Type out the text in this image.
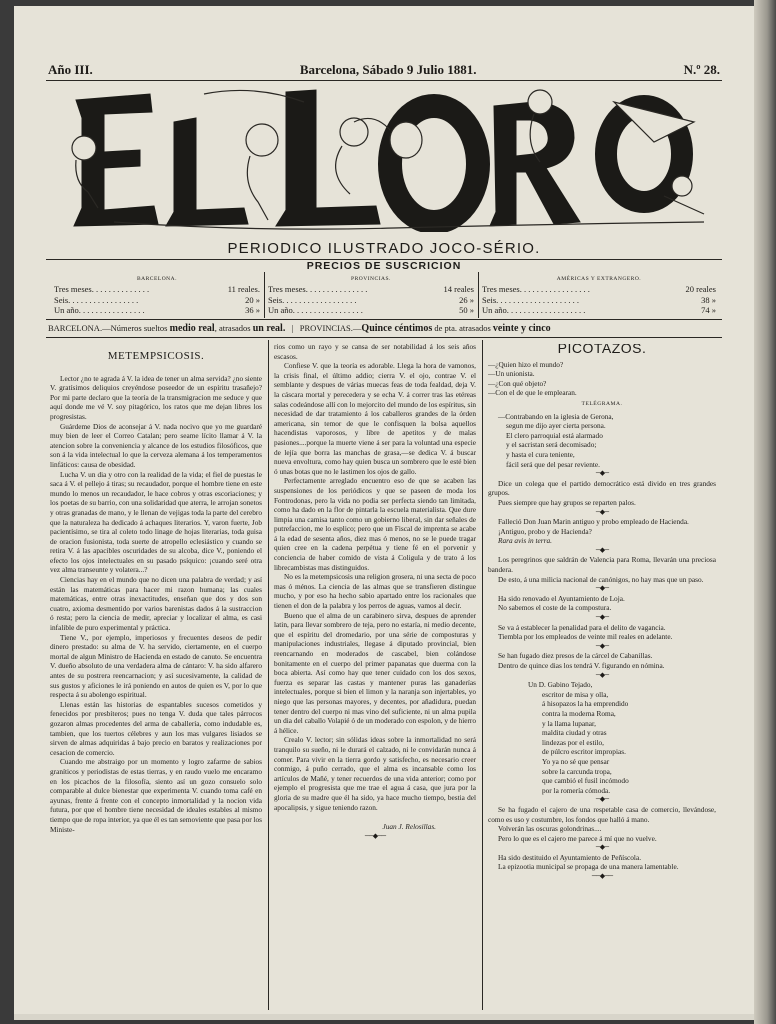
Año III.	Barcelona, Sábado 9 Julio 1881.	N.º 28.
PERIODICO ILUSTRADO JOCO-SÉRIO.
PRECIOS DE SUSCRICION
BARCELONA.
Tres meses. . . . . . . . . . . . . .	11 reales.
Seis. . . . . . . . . . . . . . . . .	20 »
Un año. . . . . . . . . . . . . . . .	36 »
PROVINCIAS.
Tres meses. . . . . . . . . . . . . . .	14 reales
Seis. . . . . . . . . . . . . . . . . .	26 »
Un año. . . . . . . . . . . . . . . . .	50 »
AMÉRICAS Y EXTRANGERO.
Tres meses. . . . . . . . . . . . . . . . .	20 reales
Seis. . . . . . . . . . . . . . . . . . . .	38 »
Un año. . . . . . . . . . . . . . . . . . .	74 »
BARCELONA.—Números sueltos medio real, atrasados un real.   |   PROVINCIAS.—Quince céntimos de pta. atrasados veinte y cinco

METEMPSICOSIS.

Lector ¿no te agrada á V. la idea de tener un alma servida? ¿no siente V. gratísimos deliquios creyéndose poseedor de un espíritu trasañejo? Por mi parte declaro que la teoría de la transmigracion me seduce y que aquí donde me vé V. soy pitagórico, los ratos que me dejan libres los progresistas.

Guárdeme Dios de aconsejar á V. nada nocivo que yo me guardaré muy bien de leer el Correo Catalan; pero seame lícito llamar á V. la atencion sobre la conveniencia y alcance de los estudios filosóficos, que son á la vida intelectual lo que la cerveza alemana á los temperamentos linfáticos: causa de obesidad.

Lucha V. un dia y otro con la realidad de la vida; el fiel de puestas le saca á V. el pellejo á tiras; su recaudador, porque el hombre tiene en este mundo lo menos un recaudador, le hace cobros y otras escoriaciones; y los poetas de su barrio, con una solidaridad que aterra, le arrojan sonetos y otras granadas de mano, y le llenan de vejigas toda la parte del cerebro que la naturaleza ha dedicado á achaques literarios. Y, varon fuerte, Job pacientísimo, se tira al coleto todo linage de hojas literarias, toda guisa de oracion fusionista, toda suerte de atropello eclesiástico y cuando se retira V. á las apacibles oscuridades de su alcoba, dice V., poniendo el efecto los ojos intelectuales en su pasado psíquico: ¡cuando seré otra vez alma transeunte y volatera...?

Ciencias hay en el mundo que no dicen una palabra de verdad; y así están las matemáticas para hacer mi razon humana; las cuales matemáticas, entre otras inexactitudes, enseñan que dos y dos son cuatro, axioma desmentido por varios barenistas dados á la sustraccion ó resta; pero la ciencia de medir, apreciar y localizar el alma, es casi infalible de puro experimental y práctica.

Tiene V., por ejemplo, imperiosos y frecuentes deseos de pedir dinero prestado: su alma de V. ha servido, ciertamente, en el cuerpo mortal de algun Ministro de Hacienda en estado de canuto. Se encuentra V. dueño absoluto de una verdadera alma de cántaro: V. ha sido alfarero antes de su postrera reencarnacion; y así sucesivamente, la calidad de sus gustos y aficiones le irá poniendo en autos de quien es V, por lo que respecta á su abolengo espiritual.

Llenas están las historias de espantables sucesos cometidos y fenecidos por presbíteros; pues no tenga V. duda que tales párrocos gozaron almas procedentes del arma de caballería, como indudable es, tambien, que los tuertos célebres y aun los mas vulgares lisiados se sirven de almas adquiridas á bajo precio en baratos y realizaciones por cesacion de comercio.

Cuando me abstraigo por un momento y logro zafarme de sabios graníticos y periodistas de estas tierras, y en raudo vuelo me encaramo en los picachos de la filosofía, siento así un gozo consuelo solo comparable al dulce bienestar que experimenta V. cuando toma café en ayunas, frente á frente con el concepto inmortalidad y la nocion vida futura, por que el hombre tiene necesidad de ideales estables al mismo tiempo que de ropa interior, ya que él es tan semoviente que pasa por los Ministe-

rios como un rayo y se cansa de ser notabilidad á los seis años escasos.

Confiese V. que la teoría es adorable. Llega la hora de vamonos, la crisis final, el último addio; cierra V. el ojo, contrae V. el semblante y despues de várias muecas feas de toda fealdad, deja V. la cáscara mortal y perecedera y se echa V. á correr tras las etéreas salas codeándose allí con lo mejorcito del mundo de los espíritus, sin necesidad de dar tratamiento á los caballeros grandes de la órden americana, sin temor de que le confisquen la bolsa aquellos hacendistas vaporosos, y libre de apetitos y de malas pasiones....porque la muerte viene á ser para la voluntad una especie de lejía que borra las manchas de grasa,—se dedica V. á buscar nueva envoltura, como hay quien busca un sombrero que le esté bien ó unas botas que no le lastimen los ojos de gallo.

Perfectamente arreglado encuentro eso de que se acaben las suspensiones de los periódicos y que se paseen de moda los Fontrodonas, pero la vida no podia ser perfecta siendo tan limitada, como ha dado en la flor de pintarla la escuela materialista. Que dure limpia una camisa tanto como un gobierno liberal, sin dar señales de putrefaccion, me lo esplico; pero que un Fiscal de imprenta se acabe á la edad de sesenta años, diez mas ó menos, no se le puede tragar quien cree en la cadena perpétua y tiene fé en el porvenir y conciencia de haber comido de vista á Coligula y de trato á los librecambistas mas distinguidos.

No es la metempsicosis una religion grosera, ni una secta de poco mas ó ménos. La ciencia de las almas que se transfieren distingue mucho, y por eso ha hecho sabio apartado entre los racionales que tienen el don de la palabra y los perros de aguas, vamos al decir.

Bueno que el alma de un carabinero sirva, despues de aprender latin, para llevar sombrero de teja, pero no estaría, ni medio decente, que el espíritu del dromedario, por una série de composturas y manipulaciones industriales, llegase á diputado provincial, bien reencarnando en moderados de cascabel, bien colándose bonitamente en el cuerpo del primer papanatas que duerma con la boca abierta. Así como hay que tener cuidado con los dos sexos, fuerza es separar las castas y mantener puras las ganaderías intelectuales, porque si bien el limon y la naranja son injertables, yo niego que las personas mayores, y decentes, por añadidura, puedan tener dentro del cuerpo ni mas vino del suficiente, ni un alma pupila un dia del caballo Volapié ó de un moderado con espolon, y de hierro á hélice.

Crealo V. lector; sin sólidas ideas sobre la inmortalidad no será tranquilo su sueño, ni le durará el calzado, ni le convidarán nunca á comer. Para vivir en la tierra gordo y satisfecho, es necesario creer conmigo, á puño cerrado, que el alma es incansable como los artículos de Mañé, y tener recuerdos de una vida anterior; como por ejemplo el progresista que me trae el agua á casa, que jura por la gloria de su madre que él ha sido, ya hace mucho tiempo, bestia del apocalipsis, y sigue teniendo razon.

Juan J. Relosillas.

──◆──

PICOTAZOS.

—¿Quien hizo el mundo?

—Un unionista.

—¿Con qué objeto?

—Con el de que le emplearan.

TELÉGRAMA.

—Contrabando en la iglesia de Gerona,

segun me dijo ayer cierta persona.

El clero parroquial está alarmado

y el sacristan será decomisado;

y hasta el cura teniente,

fácil será que del pesar reviente.

─◆─

Dice un colega que el partido democrático está divido en tres grandes grupos.

Pues siempre que hay grupos se reparten palos.

─◆─

Falleció Don Juan Marin antiguo y probo empleado de Hacienda.

¡Antiguo, probo y de Hacienda?

Rara avis in terra.

─◆─

Los peregrinos que saldrán de Valencia para Roma, llevarán una preciosa bandera.

De esto, á una milicia nacional de canónigos, no hay mas que un paso.

─◆─

Ha sido renovado el Ayuntamiento de Loja.

No sabemos el coste de la compostura.

─◆─

Se va á establecer la penalidad para el delito de vagancia.

Tiembla por los empleados de veinte mil reales en adelante.

─◆─

Se han fugado diez presos de la cárcel de Cabanillas.

Dentro de quince dias los tendrá V. figurando en nómina.

─◆─

Un D. Gabino Tejado,

escritor de misa y olla,

á hisopazos la ha emprendido

contra la moderna Roma,

y la llama lupanar,

maldita ciudad y otras

lindezas por el estilo,

de púlcro escritor impropias.

Yo ya no sé que pensar

sobre la carcunda tropa,

que cambió el fusil incómodo

por la romería cómoda.

─◆─

Se ha fugado el cajero de una respetable casa de comercio, llevándose, como es uso y costumbre, los fondos que halló á mano.

Volverán las oscuras golondrinas....

Pero lo que es el cajero me parece á mí que no vuelve.

─◆─

Ha sido destituido el Ayuntamiento de Peñíscola.

La epizootia municipal se propaga de una manera lamentable.

──◆──
